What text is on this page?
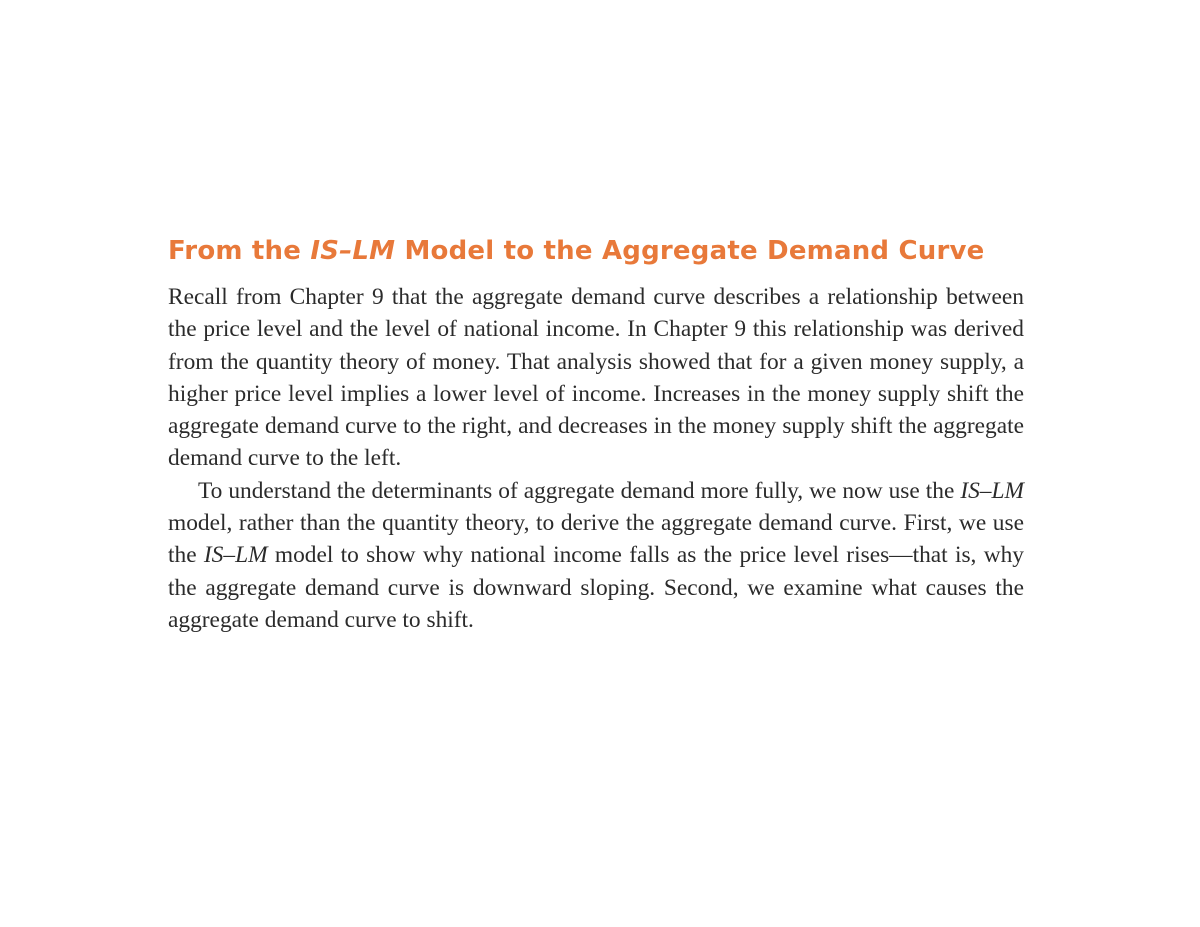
From the IS–LM Model to the Aggregate Demand Curve

Recall from Chapter 9 that the aggregate demand curve describes a relationship between the price level and the level of national income. In Chapter 9 this relationship was derived from the quantity theory of money. That analysis showed that for a given money supply, a higher price level implies a lower level of income. Increases in the money supply shift the aggregate demand curve to the right, and decreases in the money supply shift the aggregate demand curve to the left.

To understand the determinants of aggregate demand more fully, we now use the IS–LM model, rather than the quantity theory, to derive the aggregate demand curve. First, we use the IS–LM model to show why national income falls as the price level rises—that is, why the aggregate demand curve is downward sloping. Second, we examine what causes the aggregate demand curve to shift.
